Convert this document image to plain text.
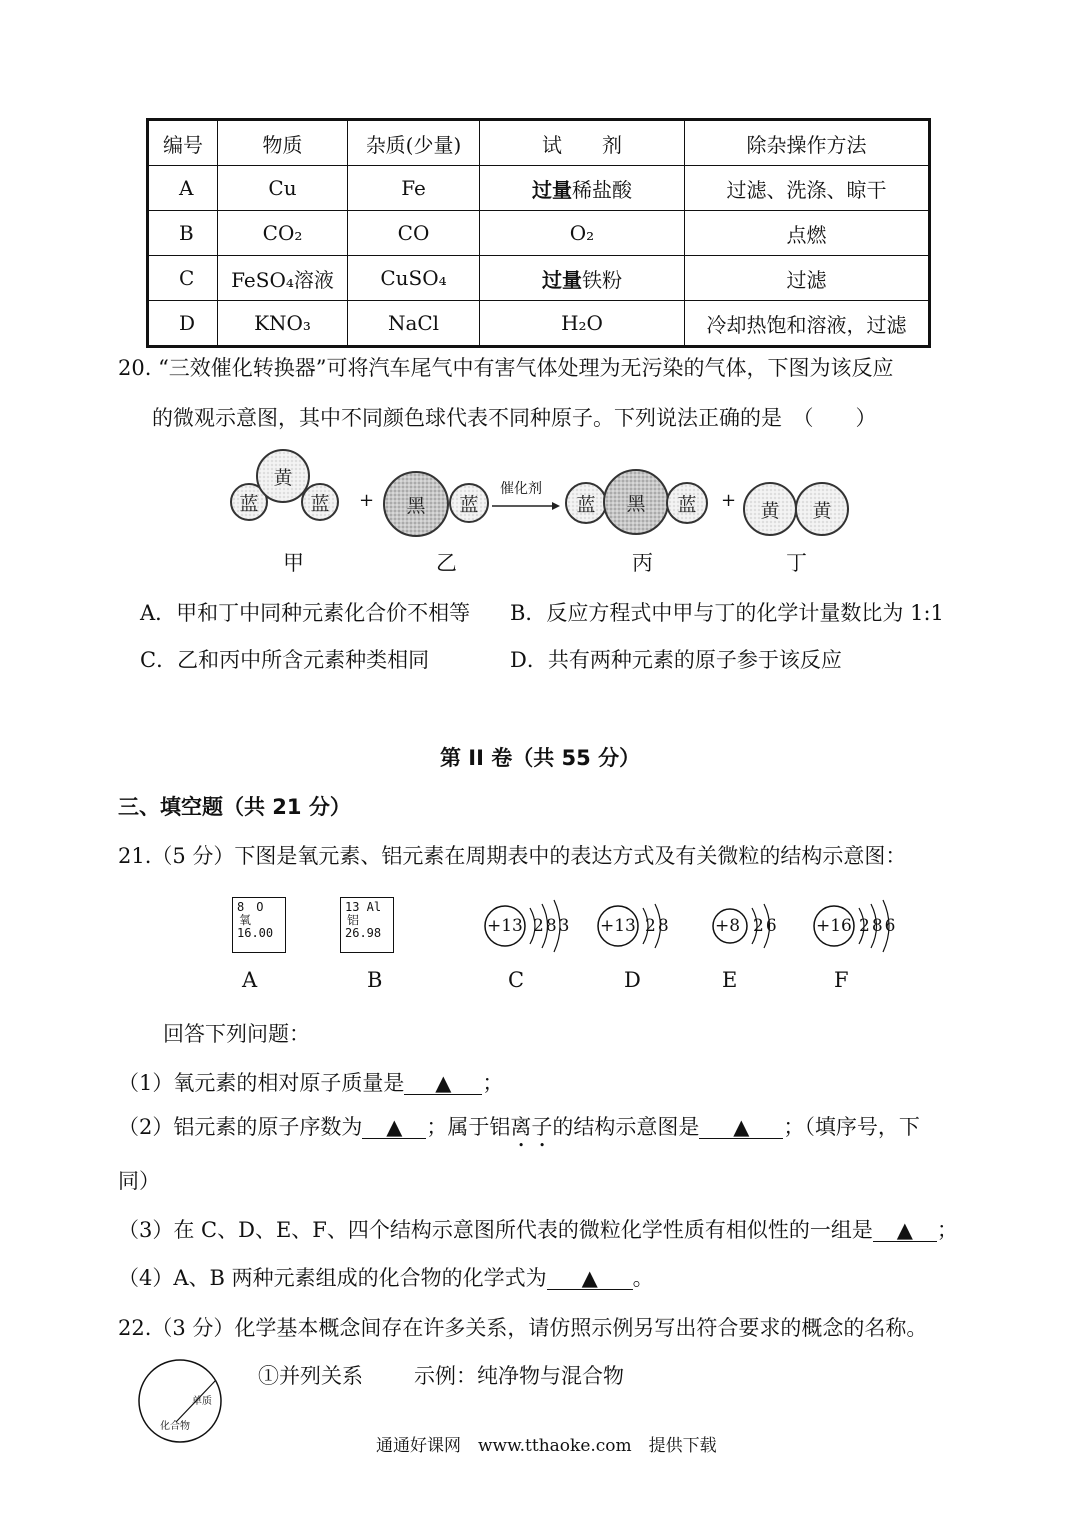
编号	物质	杂质(少量)	试　　剂	除杂操作方法
A	Cu	Fe	过量稀盐酸	过滤、洗涤、晾干
B	CO₂	CO	O₂	点燃
C	FeSO₄溶液	CuSO₄	过量铁粉	过滤
D	KNO₃	NaCl	H₂O	冷却热饱和溶液，过滤
20. “三效催化转换器”可将汽车尾气中有害气体处理为无污染的气体，下图为该反应
的微观示意图，其中不同颜色球代表不同种原子。下列说法正确的是　（　　）
蓝
黄
蓝	+	黑	蓝
催化剂
蓝	黑	蓝	+	黄	黄
甲	乙	丙	丁
A．甲和丁中同种元素化合价不相等 B．反应方程式中甲与丁的化学计量数比为 1:1
C．乙和丙中所含元素种类相同	D．共有两种元素的原子参于该反应
第 II 卷（共 55 分）
三、填空题（共 21 分）
21.（5 分）下图是氧元素、铝元素在周期表中的表达方式及有关微粒的结构示意图：
8　O
氧
16.00
13 Al
铝
26.98	+13 283 +13 28	+8 26 +16 286
A	B	C	D	E	F
回答下列问题：
（1）氧元素的相对原子质量是 ▲ ；
（2）铝元素的原子序数为 ▲ ；属于铝离子的结构示意图是 ▲ ；（填序号，下
同）
（3）在 C、D、E、F、四个结构示意图所代表的微粒化学性质有相似性的一组是 ▲ ；
（4）A、B 两种元素组成的化合物的化学式为 ▲ 。
22.（3 分）化学基本概念间存在许多关系，请仿照示例另写出符合要求的概念的名称。
单质
化合物
①并列关系 示例：纯净物与混合物
通通好课网　www.tthaoke.com　提供下载
